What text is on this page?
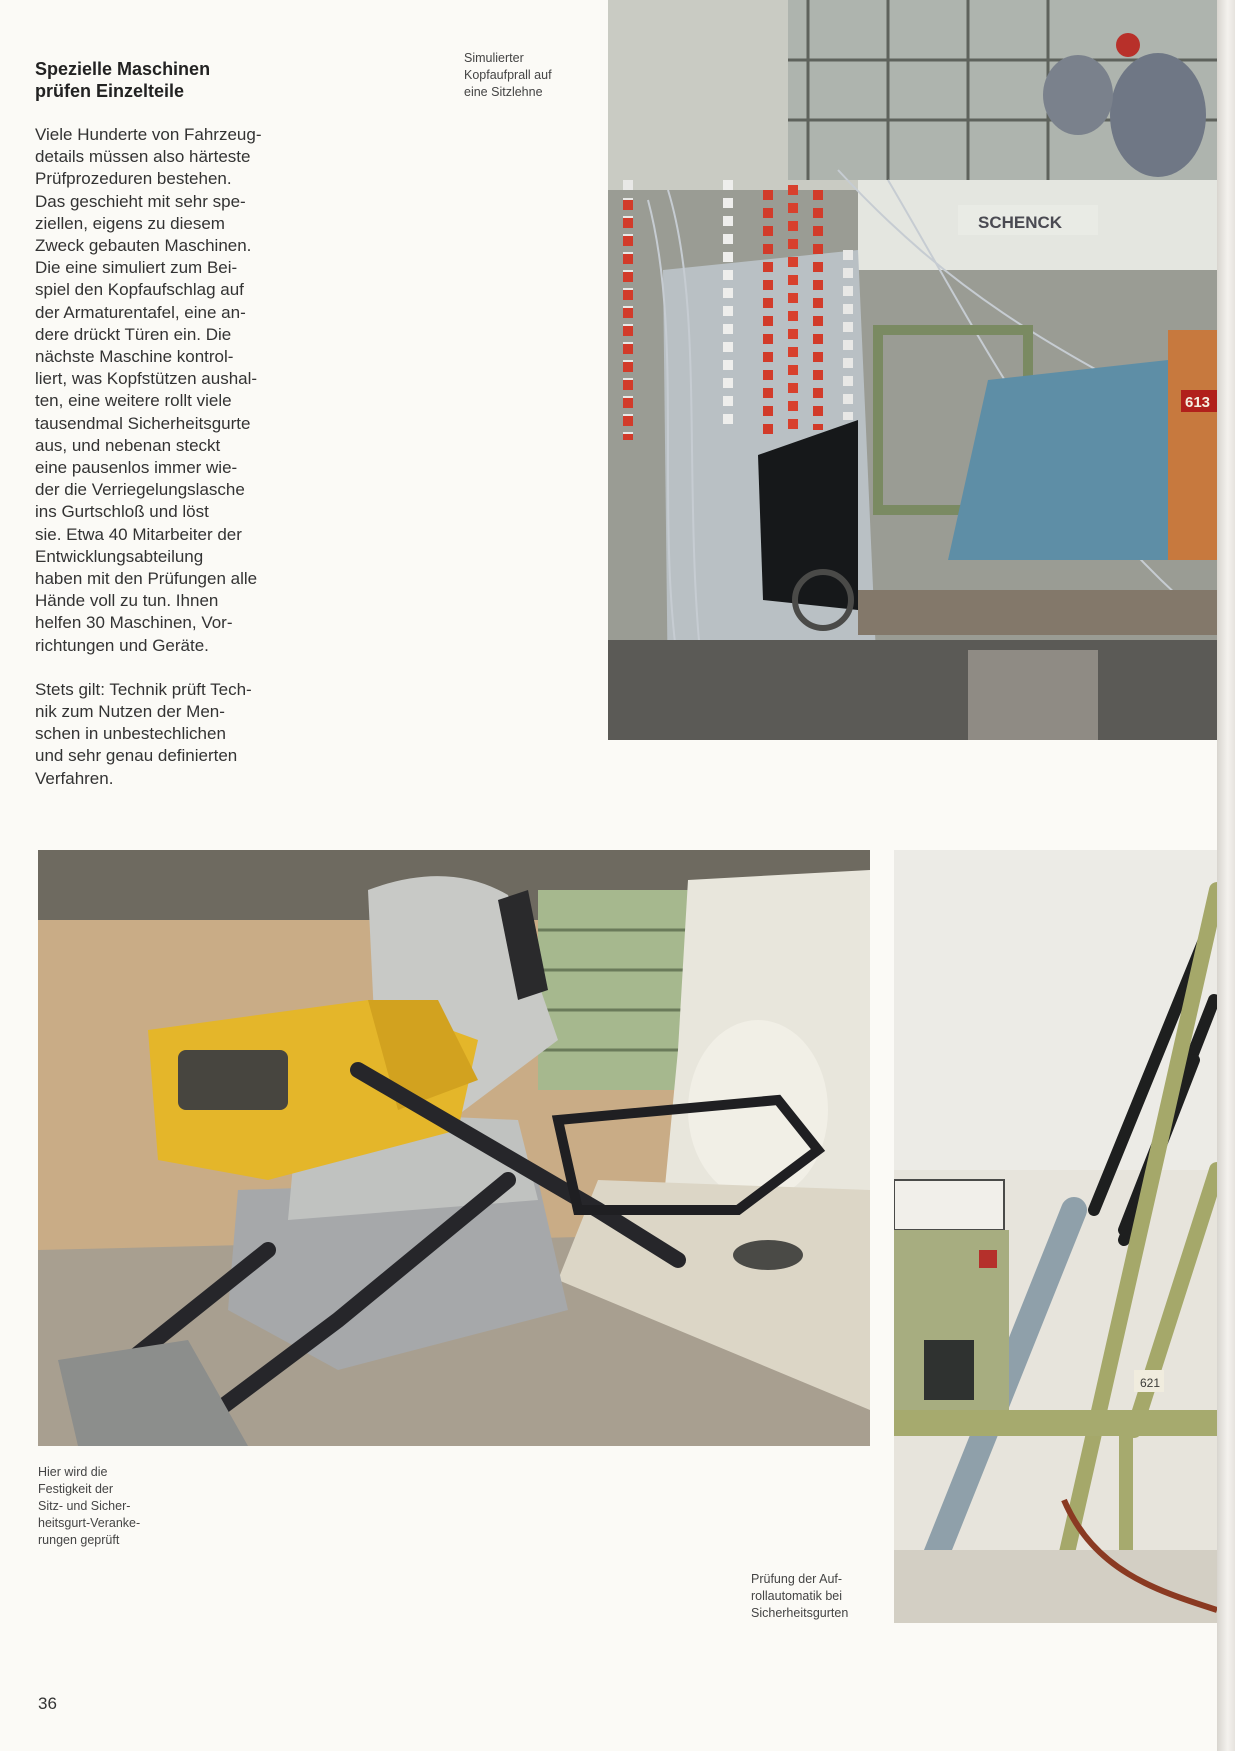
Spezielle Maschinen
prüfen Einzelteile
Viele Hunderte von Fahrzeug-
details müssen also härteste
Prüfprozeduren bestehen.
Das geschieht mit sehr spe-
ziellen, eigens zu diesem
Zweck gebauten Maschinen.
Die eine simuliert zum Bei-
spiel den Kopfaufschlag auf
der Armaturentafel, eine an-
dere drückt Türen ein. Die
nächste Maschine kontrol-
liert, was Kopfstützen aushal-
ten, eine weitere rollt viele
tausendmal Sicherheitsgurte
aus, und nebenan steckt
eine pausenlos immer wie-
der die Verriegelungslasche
ins Gurtschloß und löst
sie. Etwa 40 Mitarbeiter der
Entwicklungsabteilung
haben mit den Prüfungen alle
Hände voll zu tun. Ihnen
helfen 30 Maschinen, Vor-
richtungen und Geräte.
Stets gilt: Technik prüft Tech-
nik zum Nutzen der Men-
schen in unbestechlichen
und sehr genau definierten
Verfahren.
Simulierter
Kopfaufprall auf
eine Sitzlehne
SCHENCK
613
621
Hier wird die
Festigkeit der
Sitz- und Sicher-
heitsgurt-Veranke-
rungen geprüft
Prüfung der Auf-
rollautomatik bei
Sicherheitsgurten
36
